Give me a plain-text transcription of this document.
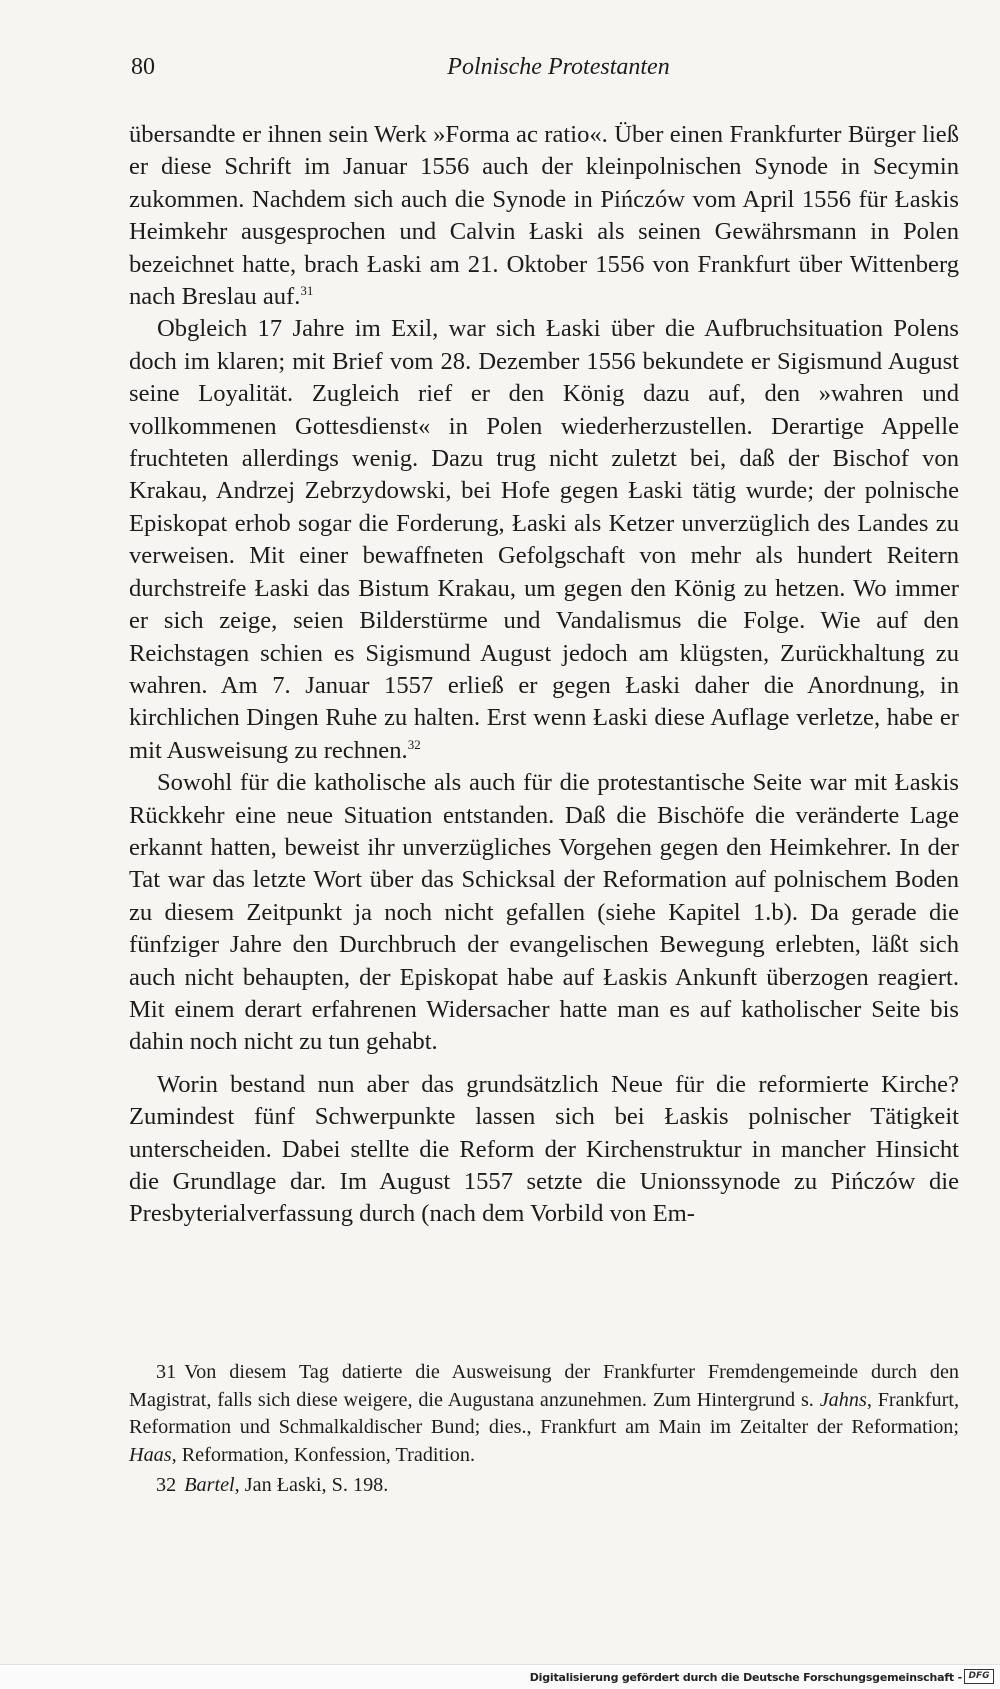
80	Polnische Protestanten

übersandte er ihnen sein Werk »Forma ac ratio«. Über einen Frankfurter Bürger ließ er diese Schrift im Januar 1556 auch der kleinpolnischen Synode in Secymin zukommen. Nachdem sich auch die Synode in Pińczów vom April 1556 für Łaskis Heimkehr ausgesprochen und Calvin Łaski als seinen Gewährsmann in Polen bezeichnet hatte, brach Łaski am 21. Oktober 1556 von Frankfurt über Wittenberg nach Breslau auf.$^{31}$

Obgleich 17 Jahre im Exil, war sich Łaski über die Aufbruchsituation Polens doch im klaren; mit Brief vom 28. Dezember 1556 bekundete er Sigismund August seine Loyalität. Zugleich rief er den König dazu auf, den »wahren und vollkommenen Gottesdienst« in Polen wiederherzustellen. Derartige Appelle fruchteten allerdings wenig. Dazu trug nicht zuletzt bei, daß der Bischof von Krakau, Andrzej Zebrzydowski, bei Hofe gegen Łaski tätig wurde; der polnische Episkopat erhob sogar die Forderung, Łaski als Ketzer unverzüglich des Landes zu verweisen. Mit einer bewaffneten Gefolgschaft von mehr als hundert Reitern durchstreife Łaski das Bistum Krakau, um gegen den König zu hetzen. Wo immer er sich zeige, seien Bilderstürme und Vandalismus die Folge. Wie auf den Reichstagen schien es Sigismund August jedoch am klügsten, Zurückhaltung zu wahren. Am 7. Januar 1557 erließ er gegen Łaski daher die Anordnung, in kirchlichen Dingen Ruhe zu halten. Erst wenn Łaski diese Auflage verletze, habe er mit Ausweisung zu rechnen.$^{32}$

Sowohl für die katholische als auch für die protestantische Seite war mit Łaskis Rückkehr eine neue Situation entstanden. Daß die Bischöfe die veränderte Lage erkannt hatten, beweist ihr unverzügliches Vorgehen gegen den Heimkehrer. In der Tat war das letzte Wort über das Schicksal der Reformation auf polnischem Boden zu diesem Zeitpunkt ja noch nicht gefallen (siehe Kapitel 1.b). Da gerade die fünfziger Jahre den Durchbruch der evangelischen Bewegung erlebten, läßt sich auch nicht behaupten, der Episkopat habe auf Łaskis Ankunft überzogen reagiert. Mit einem derart erfahrenen Widersacher hatte man es auf katholischer Seite bis dahin noch nicht zu tun gehabt.

Worin bestand nun aber das grundsätzlich Neue für die reformierte Kirche? Zumindest fünf Schwerpunkte lassen sich bei Łaskis polnischer Tätigkeit unterscheiden. Dabei stellte die Reform der Kirchenstruktur in mancher Hinsicht die Grundlage dar. Im August 1557 setzte die Unionssynode zu Pińczów die Presbyterialverfassung durch (nach dem Vorbild von Em-

31 Von diesem Tag datierte die Ausweisung der Frankfurter Fremdengemeinde durch den Magistrat, falls sich diese weigere, die Augustana anzunehmen. Zum Hintergrund s. Jahns, Frankfurt, Reformation und Schmalkaldischer Bund; dies., Frankfurt am Main im Zeitalter der Reformation; Haas, Reformation, Konfession, Tradition.

32 Bartel, Jan Łaski, S. 198.

Digitalisierung gefördert durch die Deutsche Forschungsgemeinschaft - DFG
